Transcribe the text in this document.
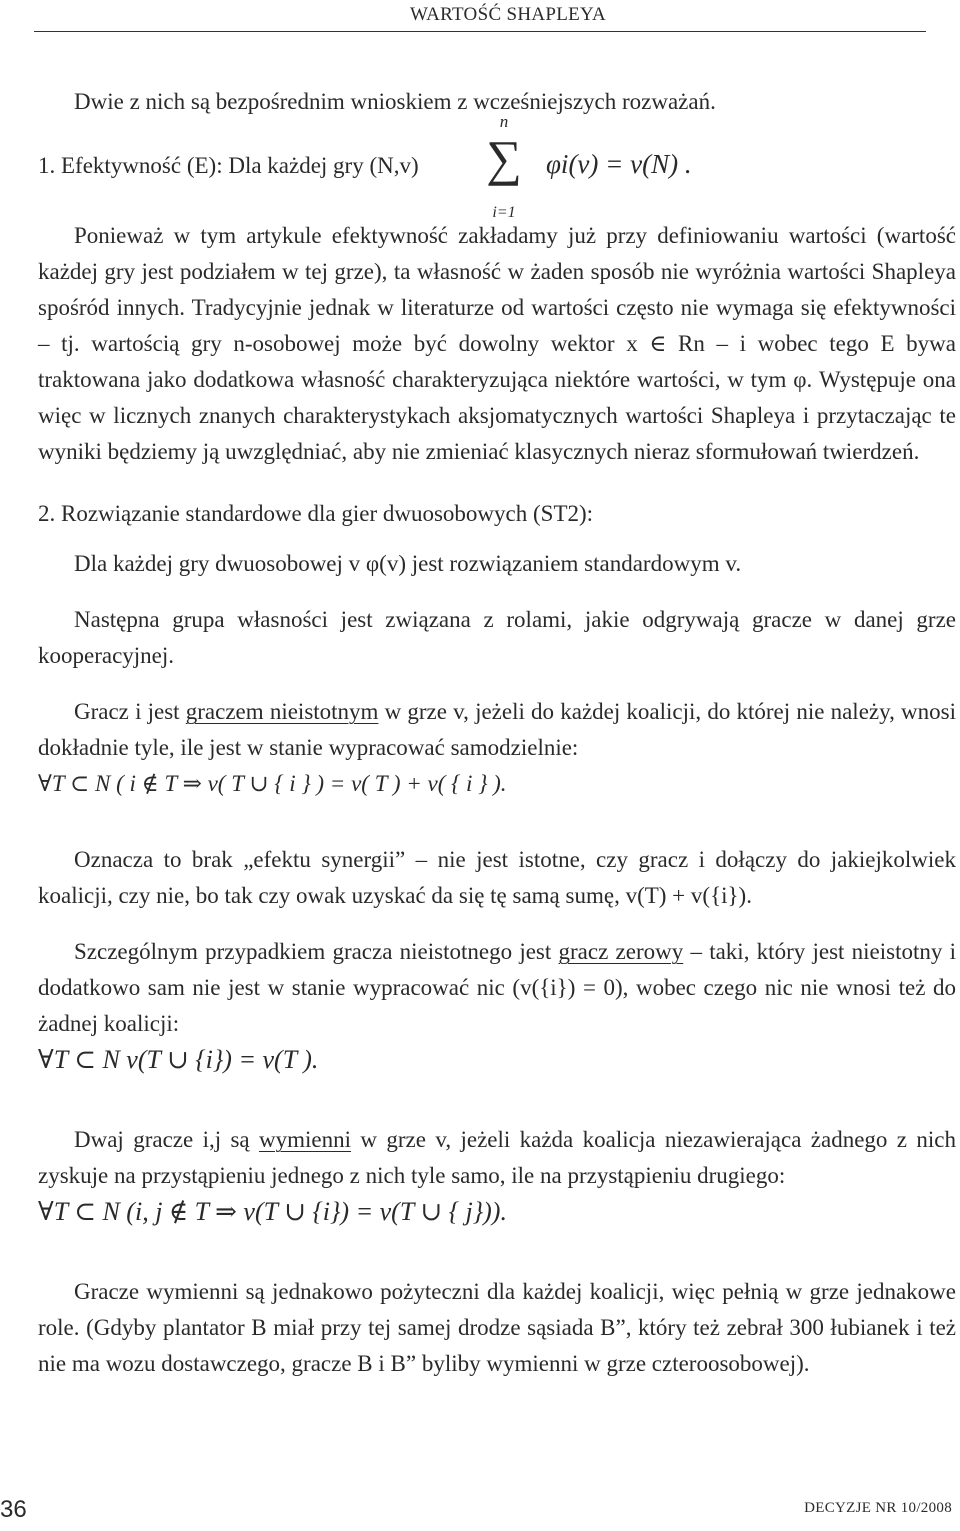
WARTOŚĆ SHAPLEYA

Dwie z nich są bezpośrednim wnioskiem z wcześniejszych rozważań.

1. Efektywność (E): Dla każdej gry (N,v)
n
∑
i=1
φi(v) = v(N) .

Ponieważ w tym artykule efektywność zakładamy już przy definiowaniu wartości (wartość każdej gry jest podziałem w tej grze), ta własność w żaden sposób nie wyróżnia wartości Shapleya spośród innych. Tradycyjnie jednak w literaturze od wartości często nie wymaga się efektywności – tj. wartością gry n-osobowej może być dowolny wektor x ∈ Rn – i wobec tego E bywa traktowana jako dodatkowa własność charakteryzująca niektóre wartości, w tym φ. Występuje ona więc w licznych znanych charakterystykach aksjomatycznych wartości Shapleya i przytaczając te wyniki będziemy ją uwzględniać, aby nie zmieniać klasycznych nieraz sformułowań twierdzeń.

2. Rozwiązanie standardowe dla gier dwuosobowych (ST2):

Dla każdej gry dwuosobowej v φ(v) jest rozwiązaniem standardowym v.

Następna grupa własności jest związana z rolami, jakie odgrywają gracze w danej grze kooperacyjnej.

Gracz i jest graczem nieistotnym w grze v, jeżeli do każdej koalicji, do której nie należy, wnosi dokładnie tyle, ile jest w stanie wypracować samodzielnie:

∀T ⊂ N ( i ∉ T ⇒ v( T ∪ { i } ) = v( T ) + v( { i } ).

Oznacza to brak „efektu synergii” – nie jest istotne, czy gracz i dołączy do jakiejkolwiek koalicji, czy nie, bo tak czy owak uzyskać da się tę samą sumę, v(T) + v({i}).

Szczególnym przypadkiem gracza nieistotnego jest gracz zerowy – taki, który jest nieistotny i dodatkowo sam nie jest w stanie wypracować nic (v({i}) = 0), wobec czego nic nie wnosi też do żadnej koalicji:

∀T ⊂ N v(T ∪ {i}) = v(T ).

Dwaj gracze i,j są wymienni w grze v, jeżeli każda koalicja niezawierająca żadnego z nich zyskuje na przystąpieniu jednego z nich tyle samo, ile na przystąpieniu drugiego:

∀T ⊂ N (i, j ∉ T ⇒ v(T ∪ {i}) = v(T ∪ { j})).

Gracze wymienni są jednakowo pożyteczni dla każdej koalicji, więc pełnią w grze jednakowe role. (Gdyby plantator B miał przy tej samej drodze sąsiada B”, który też zebrał 300 łubianek i też nie ma wozu dostawczego, gracze B i B” byliby wymienni w grze czteroosobowej).

36	DECYZJE NR 10/2008
